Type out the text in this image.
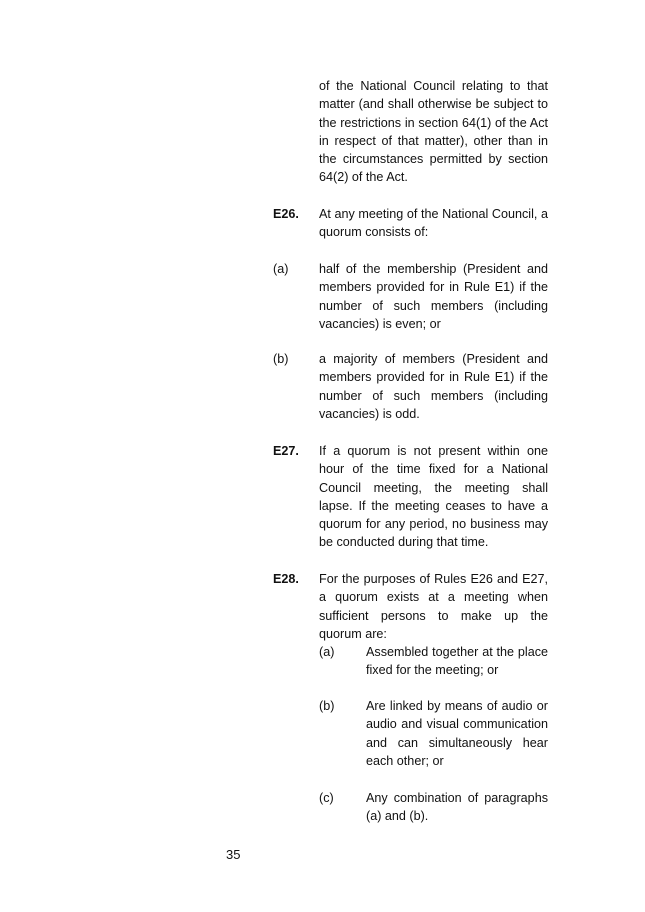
of the National Council relating to that matter (and shall otherwise be subject to the restrictions in section 64(1) of the Act in respect of that matter), other than in the circumstances permitted by section 64(2) of the Act.
E26. At any meeting of the National Council, a quorum consists of:
(a) half of the membership (President and members provided for in Rule E1) if the number of such members (including vacancies) is even; or
(b) a majority of members (President and members provided for in Rule E1) if the number of such members (including vacancies) is odd.
E27. If a quorum is not present within one hour of the time fixed for a National Council meeting, the meeting shall lapse. If the meeting ceases to have a quorum for any period, no business may be conducted during that time.
E28. For the purposes of Rules E26 and E27, a quorum exists at a meeting when sufficient persons to make up the quorum are:
(a)	Assembled together at the place fixed for the meeting; or
(b)	Are linked by means of audio or audio and visual communication and can simultaneously hear each other; or
(c)	Any combination of paragraphs (a) and (b).
35
